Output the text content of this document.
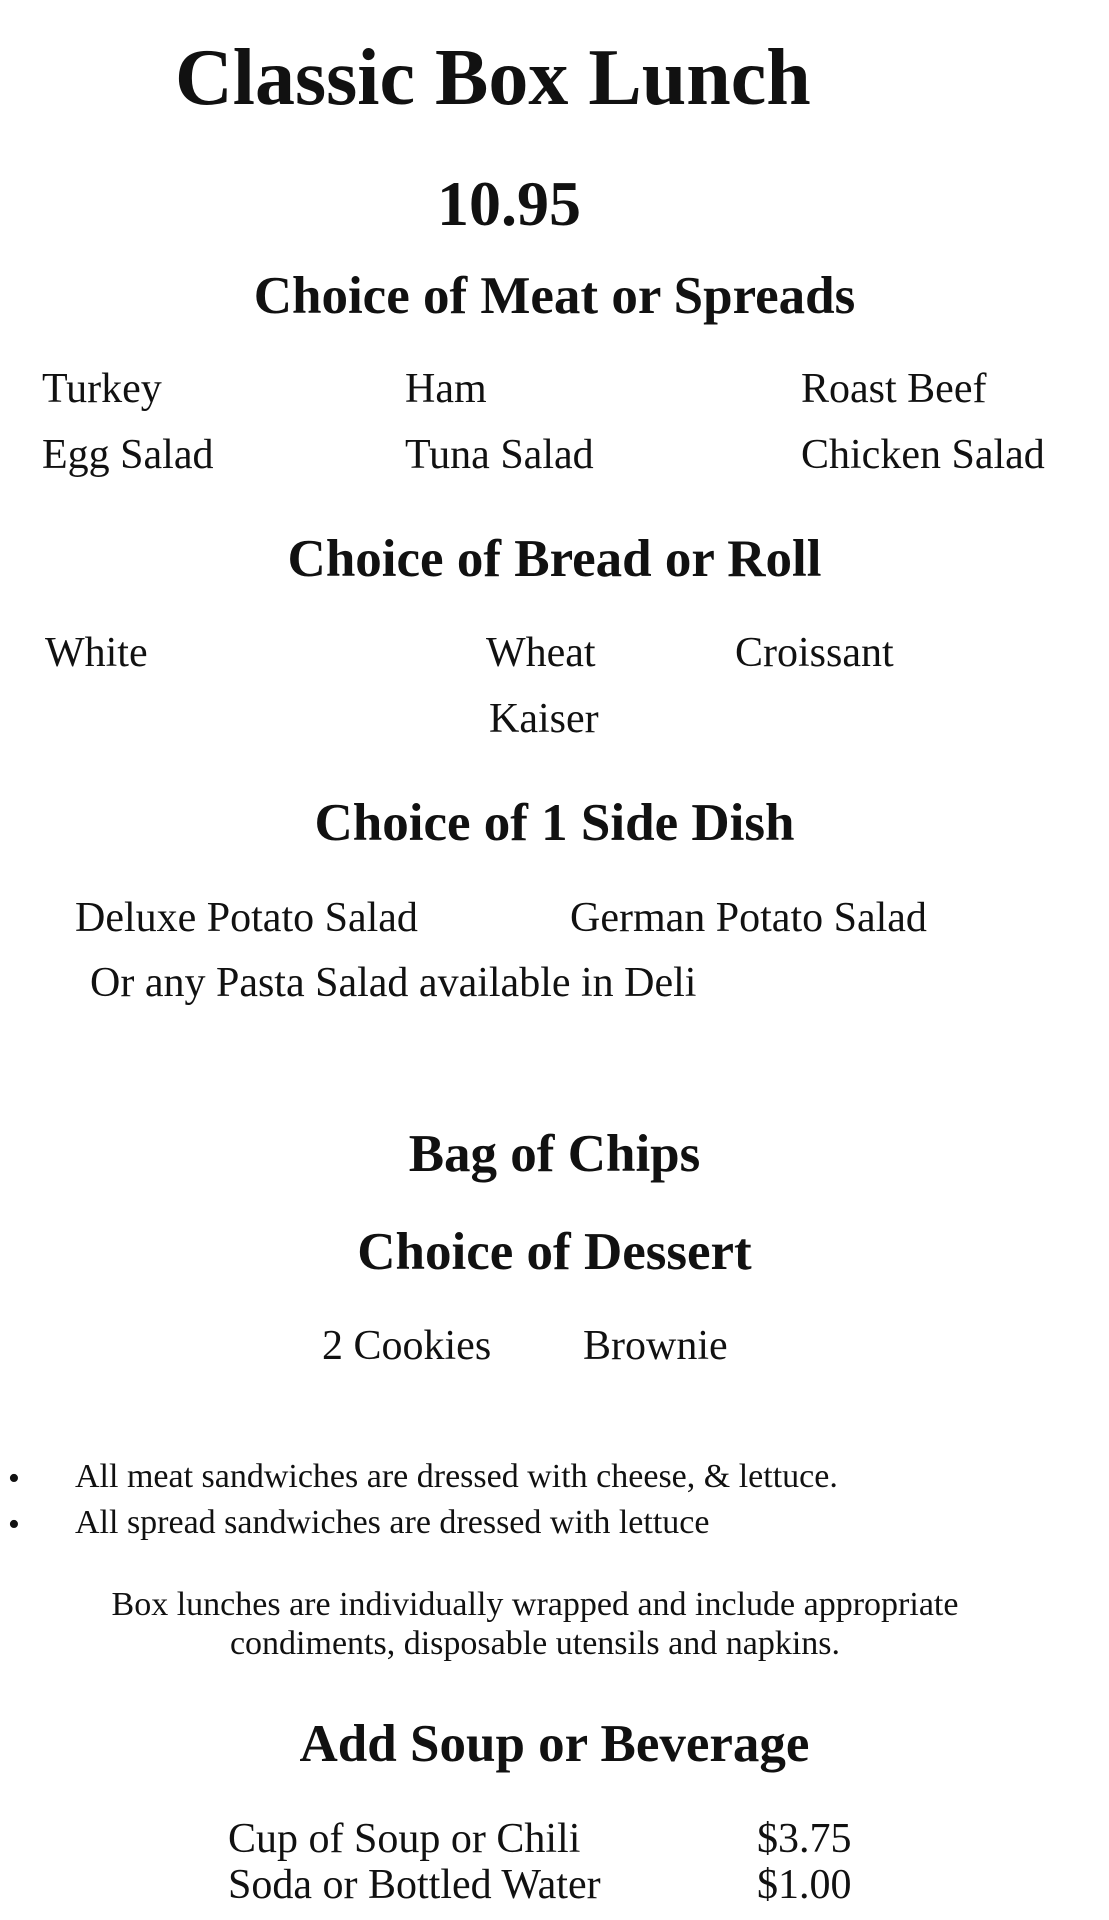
Classic Box Lunch
10.95
Choice of Meat or Spreads
Turkey	Ham	Roast Beef
Egg Salad	Tuna Salad	Chicken Salad
Choice of Bread or Roll
White	Wheat	Croissant
Kaiser
Choice of 1 Side Dish
Deluxe Potato Salad	German Potato Salad
Or any Pasta Salad available in Deli
Bag of Chips
Choice of Dessert
2 Cookies Brownie
• All meat sandwiches are dressed with cheese, & lettuce.
• All spread sandwiches are dressed with lettuce
Box lunches are individually wrapped and include appropriate condiments, disposable utensils and napkins.
Add Soup or Beverage
Cup of Soup or Chili	$3.75
Soda or Bottled Water	$1.00
